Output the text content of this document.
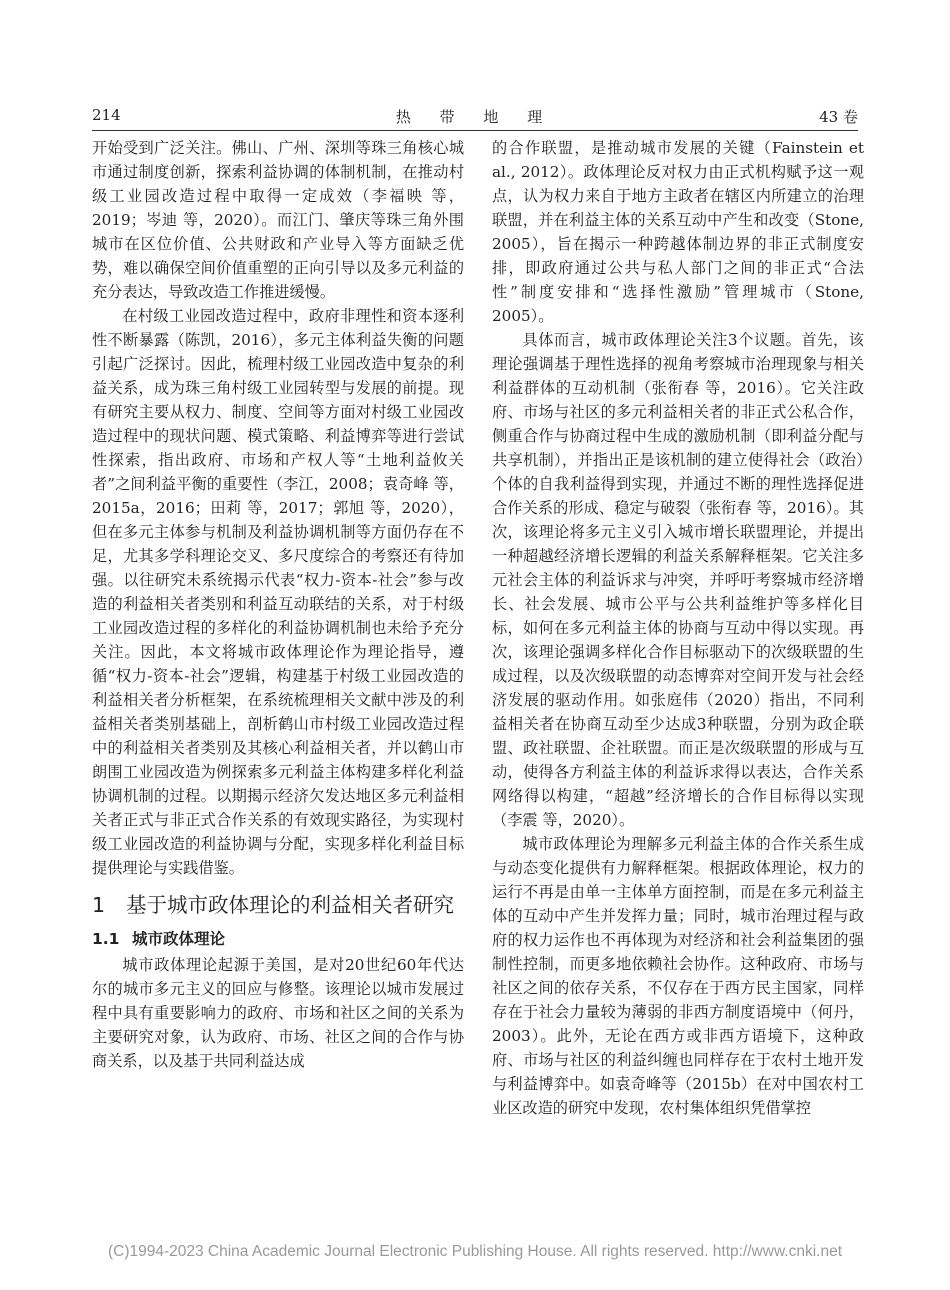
214	热 带 地 理	43 卷

开始受到广泛关注。佛山、广州、深圳等珠三角核心城市通过制度创新，探索利益协调的体制机制，在推动村级工业园改造过程中取得一定成效（李福映 等，2019；岑迪 等，2020）。而江门、肇庆等珠三角外围城市在区位价值、公共财政和产业导入等方面缺乏优势，难以确保空间价值重塑的正向引导以及多元利益的充分表达，导致改造工作推进缓慢。

在村级工业园改造过程中，政府非理性和资本逐利性不断暴露（陈凯，2016），多元主体利益失衡的问题引起广泛探讨。因此，梳理村级工业园改造中复杂的利益关系，成为珠三角村级工业园转型与发展的前提。现有研究主要从权力、制度、空间等方面对村级工业园改造过程中的现状问题、模式策略、利益博弈等进行尝试性探索，指出政府、市场和产权人等“土地利益攸关者”之间利益平衡的重要性（李江，2008；袁奇峰 等，2015a，2016；田莉 等，2017；郭旭 等，2020），但在多元主体参与机制及利益协调机制等方面仍存在不足，尤其多学科理论交叉、多尺度综合的考察还有待加强。以往研究未系统揭示代表“权力-资本-社会”参与改造的利益相关者类别和利益互动联结的关系，对于村级工业园改造过程的多样化的利益协调机制也未给予充分关注。因此，本文将城市政体理论作为理论指导，遵循“权力-资本-社会”逻辑，构建基于村级工业园改造的利益相关者分析框架，在系统梳理相关文献中涉及的利益相关者类别基础上，剖析鹤山市村级工业园改造过程中的利益相关者类别及其核心利益相关者，并以鹤山市朗围工业园改造为例探索多元利益主体构建多样化利益协调机制的过程。以期揭示经济欠发达地区多元利益相关者正式与非正式合作关系的有效现实路径，为实现村级工业园改造的利益协调与分配，实现多样化利益目标提供理论与实践借鉴。

1	基于城市政体理论的利益相关者研究
1.1 城市政体理论

城市政体理论起源于美国，是对20世纪60年代达尔的城市多元主义的回应与修整。该理论以城市发展过程中具有重要影响力的政府、市场和社区之间的关系为主要研究对象，认为政府、市场、社区之间的合作与协商关系，以及基于共同利益达成

的合作联盟，是推动城市发展的关键（Fainstein et al., 2012）。政体理论反对权力由正式机构赋予这一观点，认为权力来自于地方主政者在辖区内所建立的治理联盟，并在利益主体的关系互动中产生和改变（Stone, 2005），旨在揭示一种跨越体制边界的非正式制度安排，即政府通过公共与私人部门之间的非正式“合法性”制度安排和“选择性激励”管理城市（Stone, 2005）。

具体而言，城市政体理论关注3个议题。首先，该理论强调基于理性选择的视角考察城市治理现象与相关利益群体的互动机制（张衔春 等，2016）。它关注政府、市场与社区的多元利益相关者的非正式公私合作，侧重合作与协商过程中生成的激励机制（即利益分配与共享机制），并指出正是该机制的建立使得社会（政治）个体的自我利益得到实现，并通过不断的理性选择促进合作关系的形成、稳定与破裂（张衔春 等，2016）。其次，该理论将多元主义引入城市增长联盟理论，并提出一种超越经济增长逻辑的利益关系解释框架。它关注多元社会主体的利益诉求与冲突，并呼吁考察城市经济增长、社会发展、城市公平与公共利益维护等多样化目标，如何在多元利益主体的协商与互动中得以实现。再次，该理论强调多样化合作目标驱动下的次级联盟的生成过程，以及次级联盟的动态博弈对空间开发与社会经济发展的驱动作用。如张庭伟（2020）指出，不同利益相关者在协商互动至少达成3种联盟，分别为政企联盟、政社联盟、企社联盟。而正是次级联盟的形成与互动，使得各方利益主体的利益诉求得以表达，合作关系网络得以构建，“超越”经济增长的合作目标得以实现（李震 等，2020）。

城市政体理论为理解多元利益主体的合作关系生成与动态变化提供有力解释框架。根据政体理论，权力的运行不再是由单一主体单方面控制，而是在多元利益主体的互动中产生并发挥力量；同时，城市治理过程与政府的权力运作也不再体现为对经济和社会利益集团的强制性控制，而更多地依赖社会协作。这种政府、市场与社区之间的依存关系，不仅存在于西方民主国家，同样存在于社会力量较为薄弱的非西方制度语境中（何丹，2003）。此外，无论在西方或非西方语境下，这种政府、市场与社区的利益纠缠也同样存在于农村土地开发与利益博弈中。如袁奇峰等（2015b）在对中国农村工业区改造的研究中发现，农村集体组织凭借掌控

(C)1994-2023 China Academic Journal Electronic Publishing House. All rights reserved. http://www.cnki.net
